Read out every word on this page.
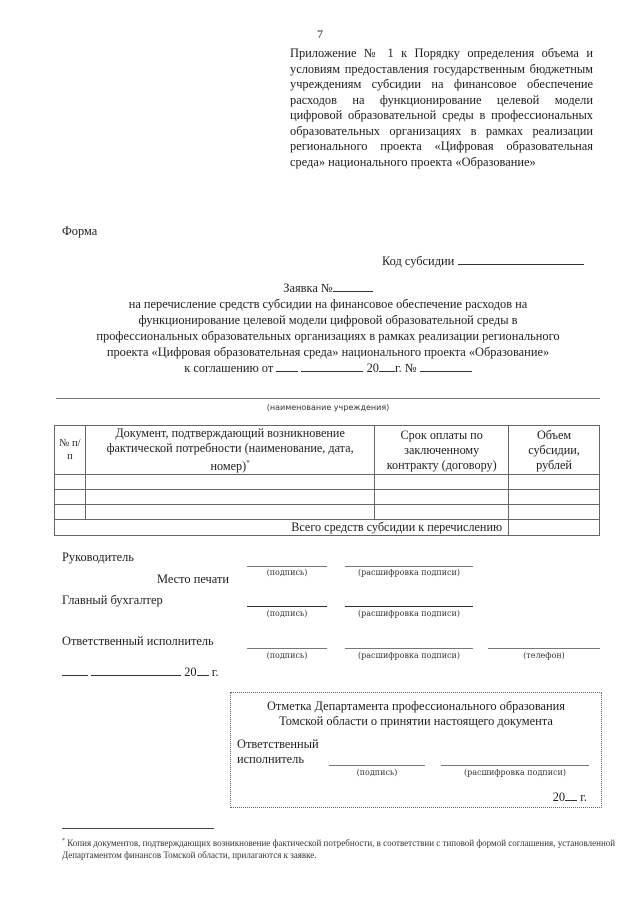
7
Приложение № 1 к Порядку определения объема и условиям предоставления государственным бюджетным учреждениям субсидии на финансовое обеспечение расходов на функционирование целевой модели цифровой образовательной среды в профессиональных образовательных организациях в рамках реализации регионального проекта «Цифровая образовательная среда» национального проекта «Образование»
Форма
Код субсидии
Заявка №
на перечисление средств субсидии на финансовое обеспечение расходов на
функционирование целевой модели цифровой образовательной среды в
профессиональных образовательных организациях в рамках реализации регионального
проекта «Цифровая образовательная среда» национального проекта «Образование»
к соглашению от	20 г. №
(наименование учреждения)
№ п/п	Документ, подтверждающий возникновение фактической потребности (наименование, дата, номер)*	Срок оплаты по заключенному контракту (договору)	Объем субсидии, рублей

Всего средств субсидии к перечислению			
Руководитель
(подпись)	(расшифровка подписи)
Место печати
Главный бухгалтер
(подпись)	(расшифровка подписи)
Ответственный исполнитель
(подпись)	(расшифровка подписи)	(телефон)
20 г.
Отметка Департамента профессионального образования
Томской области о принятии настоящего документа
Ответственный
исполнитель
(подпись)	(расшифровка подписи)
20 г.
* Копия документов, подтверждающих возникновение фактической потребности, в соответствии с типовой формой соглашения, установленной Департаментом финансов Томской области, прилагаются к заявке.
